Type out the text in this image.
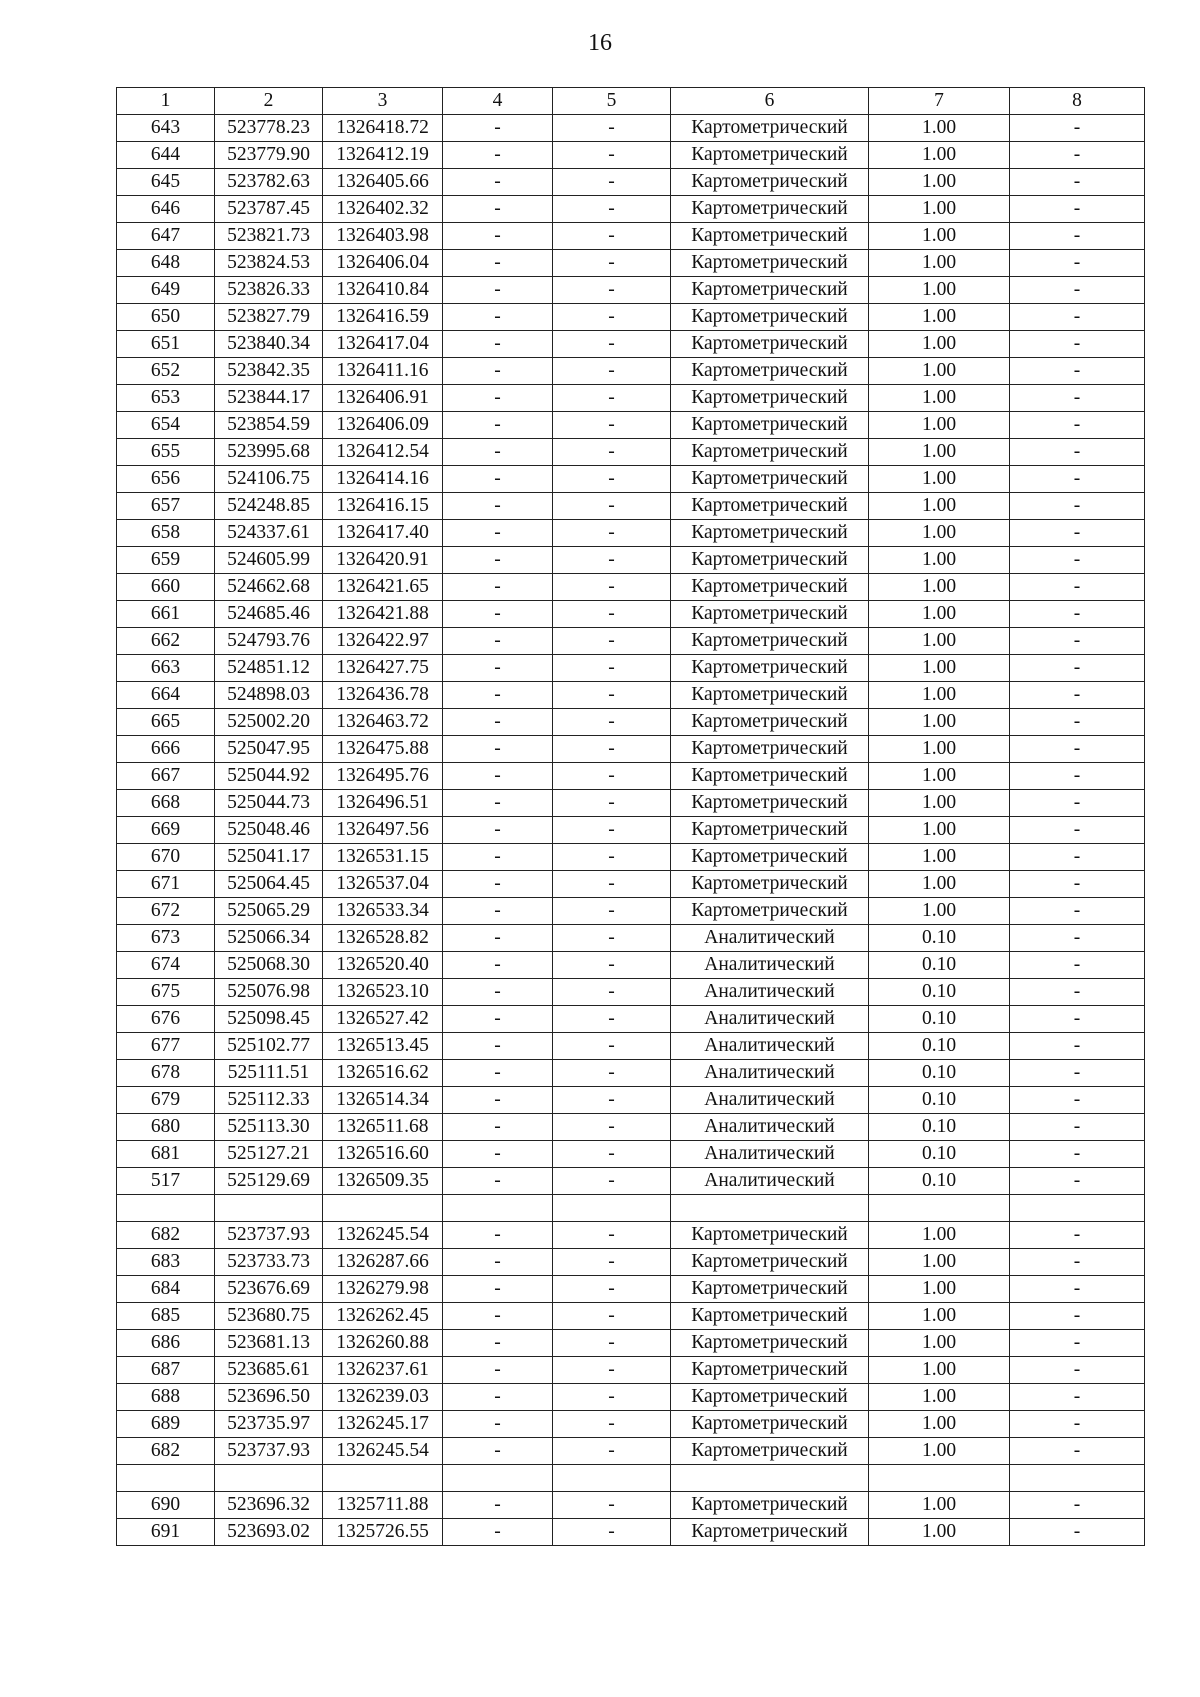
16
1	2	3	4	5	6	7	8
643	523778.23	1326418.72	-	-	Картометрический	1.00	-
644	523779.90	1326412.19	-	-	Картометрический	1.00	-
645	523782.63	1326405.66	-	-	Картометрический	1.00	-
646	523787.45	1326402.32	-	-	Картометрический	1.00	-
647	523821.73	1326403.98	-	-	Картометрический	1.00	-
648	523824.53	1326406.04	-	-	Картометрический	1.00	-
649	523826.33	1326410.84	-	-	Картометрический	1.00	-
650	523827.79	1326416.59	-	-	Картометрический	1.00	-
651	523840.34	1326417.04	-	-	Картометрический	1.00	-
652	523842.35	1326411.16	-	-	Картометрический	1.00	-
653	523844.17	1326406.91	-	-	Картометрический	1.00	-
654	523854.59	1326406.09	-	-	Картометрический	1.00	-
655	523995.68	1326412.54	-	-	Картометрический	1.00	-
656	524106.75	1326414.16	-	-	Картометрический	1.00	-
657	524248.85	1326416.15	-	-	Картометрический	1.00	-
658	524337.61	1326417.40	-	-	Картометрический	1.00	-
659	524605.99	1326420.91	-	-	Картометрический	1.00	-
660	524662.68	1326421.65	-	-	Картометрический	1.00	-
661	524685.46	1326421.88	-	-	Картометрический	1.00	-
662	524793.76	1326422.97	-	-	Картометрический	1.00	-
663	524851.12	1326427.75	-	-	Картометрический	1.00	-
664	524898.03	1326436.78	-	-	Картометрический	1.00	-
665	525002.20	1326463.72	-	-	Картометрический	1.00	-
666	525047.95	1326475.88	-	-	Картометрический	1.00	-
667	525044.92	1326495.76	-	-	Картометрический	1.00	-
668	525044.73	1326496.51	-	-	Картометрический	1.00	-
669	525048.46	1326497.56	-	-	Картометрический	1.00	-
670	525041.17	1326531.15	-	-	Картометрический	1.00	-
671	525064.45	1326537.04	-	-	Картометрический	1.00	-
672	525065.29	1326533.34	-	-	Картометрический	1.00	-
673	525066.34	1326528.82	-	-	Аналитический	0.10	-
674	525068.30	1326520.40	-	-	Аналитический	0.10	-
675	525076.98	1326523.10	-	-	Аналитический	0.10	-
676	525098.45	1326527.42	-	-	Аналитический	0.10	-
677	525102.77	1326513.45	-	-	Аналитический	0.10	-
678	525111.51	1326516.62	-	-	Аналитический	0.10	-
679	525112.33	1326514.34	-	-	Аналитический	0.10	-
680	525113.30	1326511.68	-	-	Аналитический	0.10	-
681	525127.21	1326516.60	-	-	Аналитический	0.10	-
517	525129.69	1326509.35	-	-	Аналитический	0.10	-

682	523737.93	1326245.54	-	-	Картометрический	1.00	-
683	523733.73	1326287.66	-	-	Картометрический	1.00	-
684	523676.69	1326279.98	-	-	Картометрический	1.00	-
685	523680.75	1326262.45	-	-	Картометрический	1.00	-
686	523681.13	1326260.88	-	-	Картометрический	1.00	-
687	523685.61	1326237.61	-	-	Картометрический	1.00	-
688	523696.50	1326239.03	-	-	Картометрический	1.00	-
689	523735.97	1326245.17	-	-	Картометрический	1.00	-
682	523737.93	1326245.54	-	-	Картометрический	1.00	-

690	523696.32	1325711.88	-	-	Картометрический	1.00	-
691	523693.02	1325726.55	-	-	Картометрический	1.00	-
